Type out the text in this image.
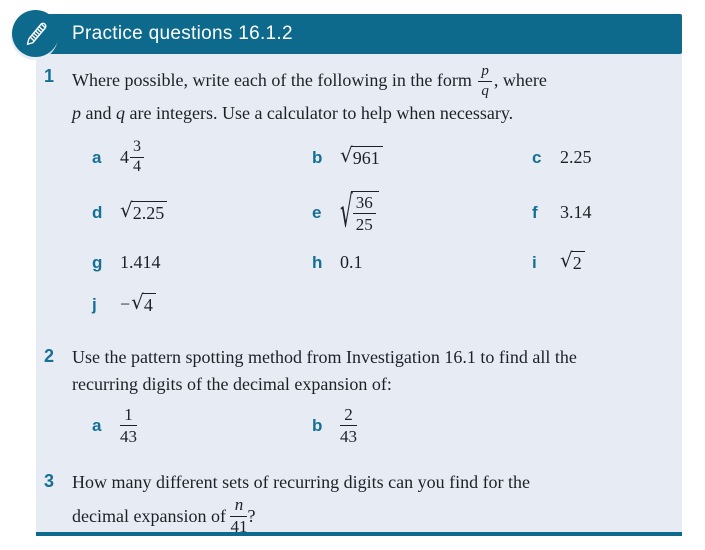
Practice questions 16.1.2
1 Where possible, write each of the following in the form $\frac{p}{q}$ , where
p and q are integers. Use a calculator to help when necessary.
a	$4 \frac{3}{4}$	b √ 961	c	2.25
d √ 2.25	e √ $\frac{36}{25}$	f	3.14
g 1.414	h 0.1	i	√ 2
j	− √ 4
2 Use the pattern spotting method from Investigation 16.1 to find all the
recurring digits of the decimal expansion of:
a	$\frac{1}{43}$	b	$\frac{2}{43}$
3 How many different sets of recurring digits can you find for the
decimal expansion of $\frac{n}{41}$ ?
